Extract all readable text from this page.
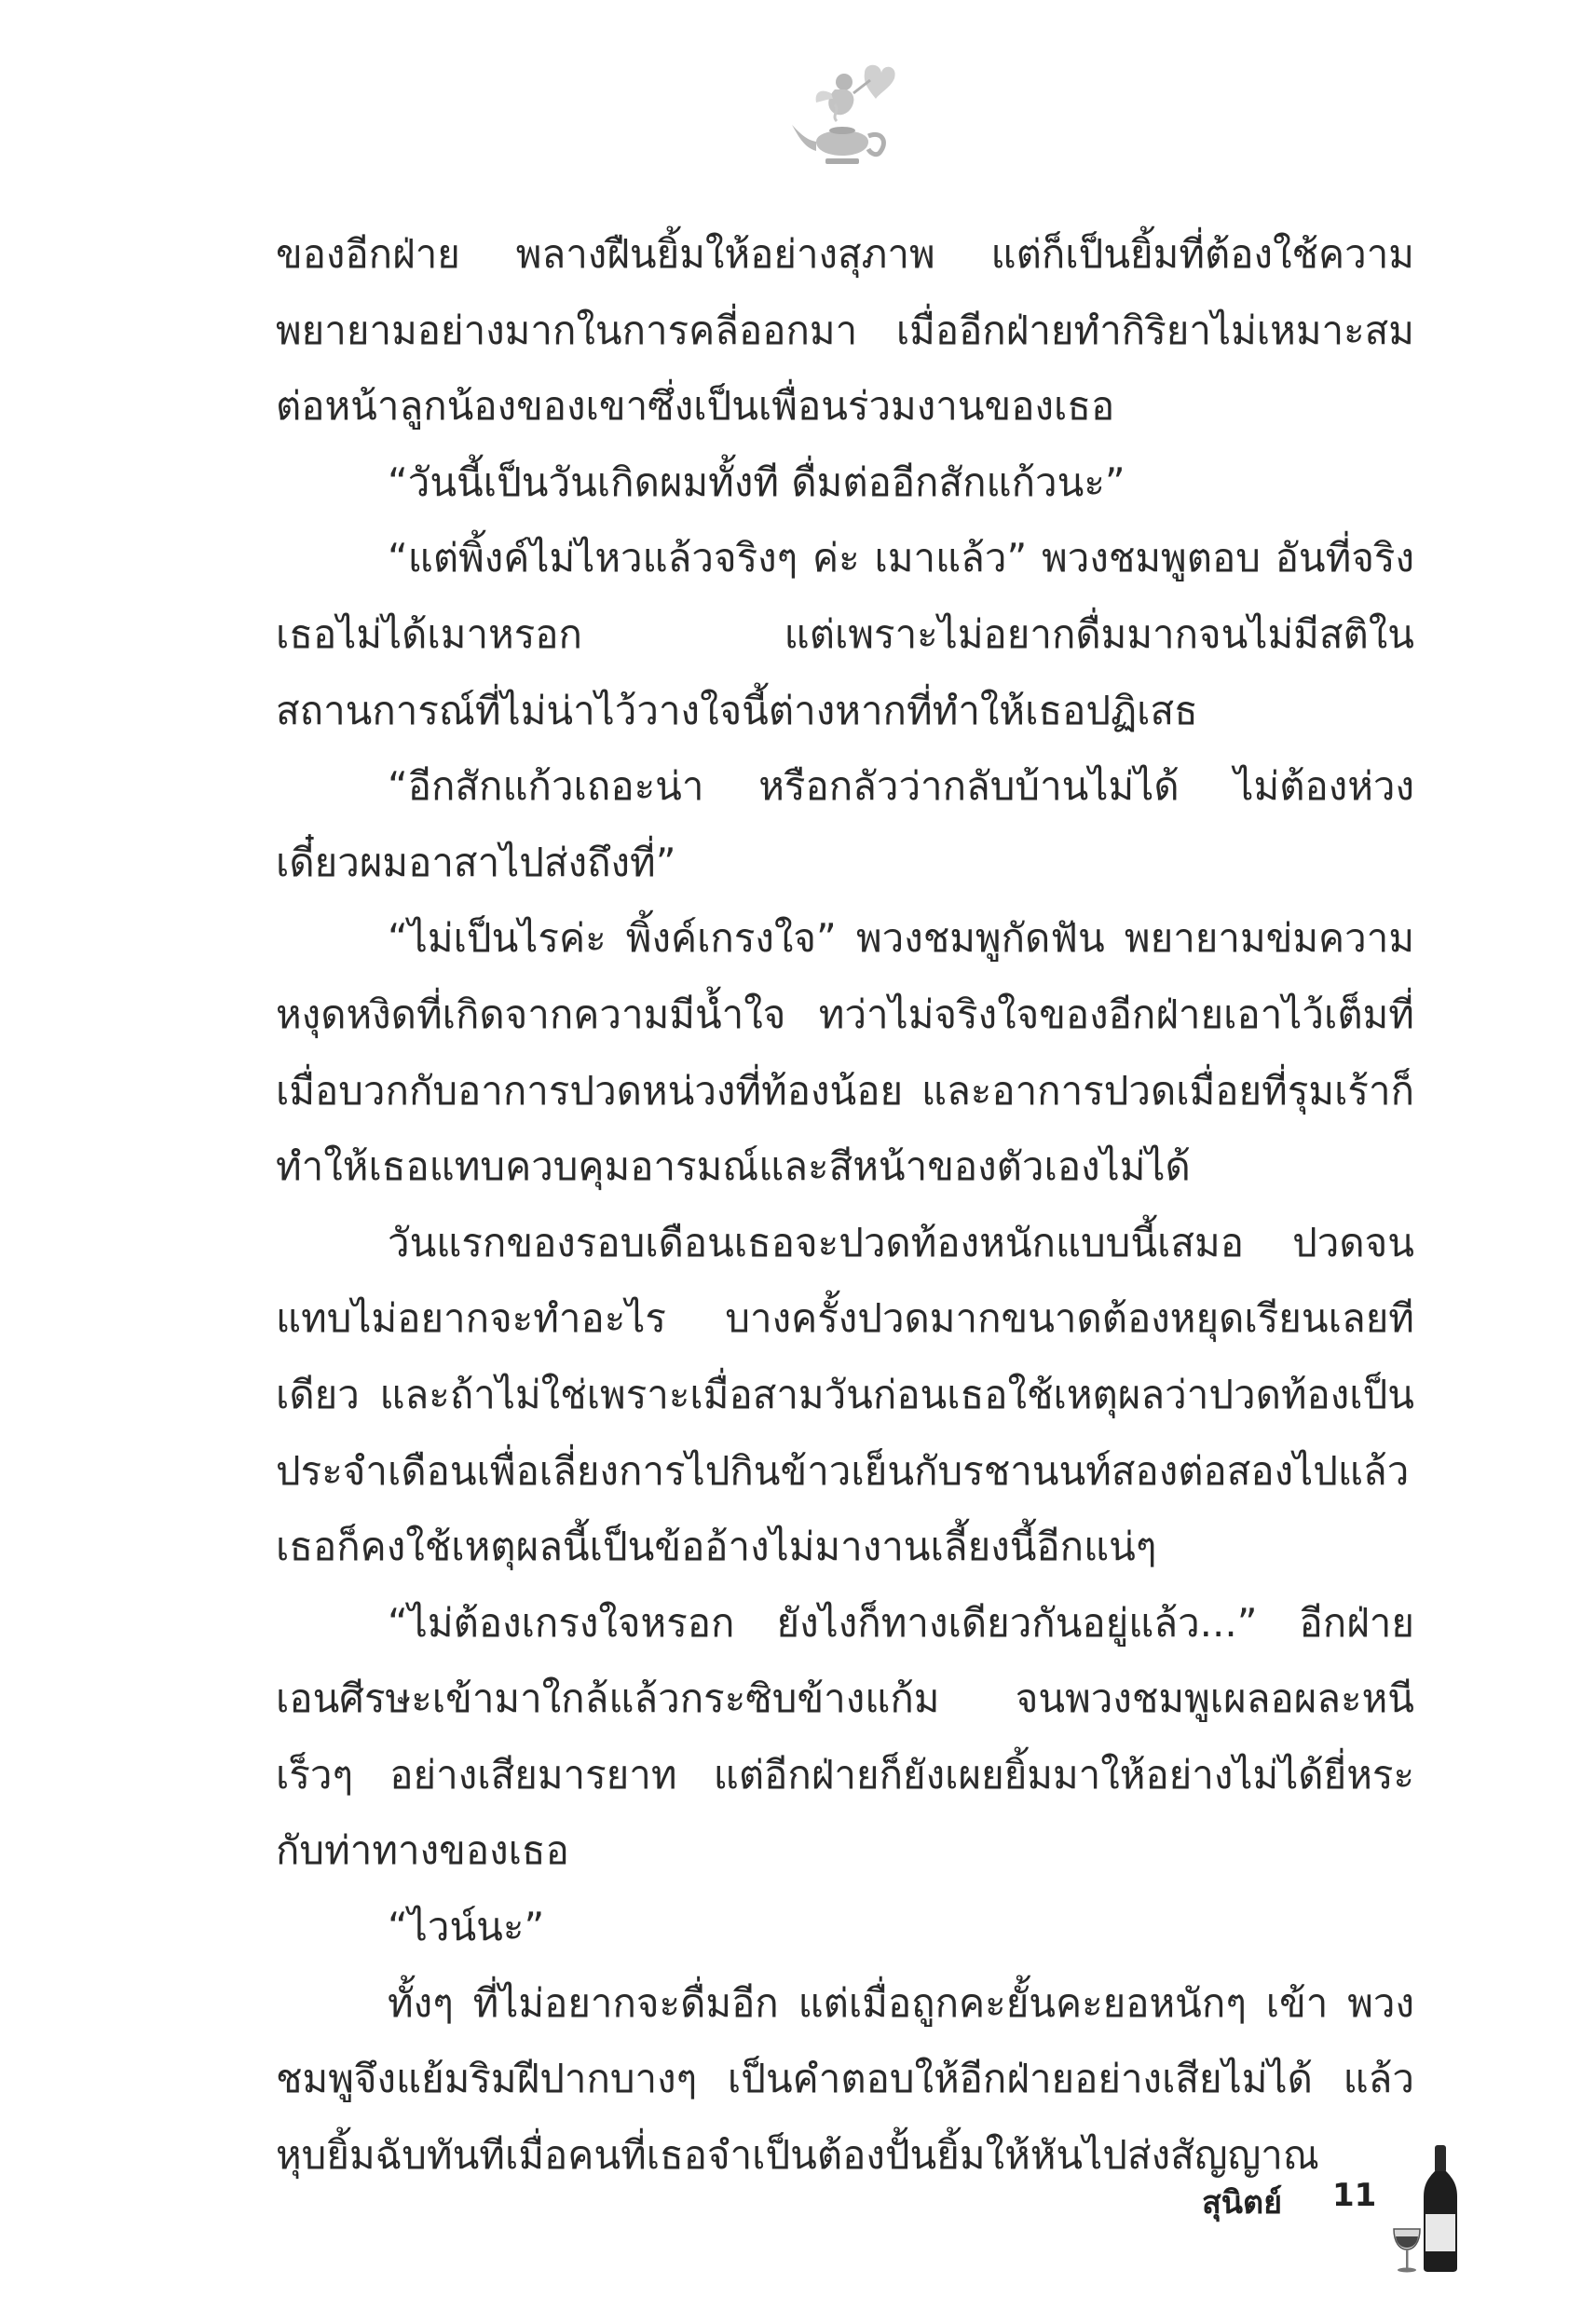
ของอีกฝ่าย พลางฝืนยิ้มให้อย่างสุภาพ แต่ก็เป็นยิ้มที่ต้องใช้ความพยายามอย่างมากในการคลี่ออกมา เมื่ออีกฝ่ายทำกิริยาไม่เหมาะสมต่อหน้าลูกน้องของเขาซึ่งเป็นเพื่อนร่วมงานของเธอ

“วันนี้เป็นวันเกิดผมทั้งที ดื่มต่ออีกสักแก้วนะ”

“แต่พิ้งค์ไม่ไหวแล้วจริงๆ ค่ะ เมาแล้ว” พวงชมพูตอบ อันที่จริงเธอไม่ได้เมาหรอก แต่เพราะไม่อยากดื่มมากจนไม่มีสติในสถานการณ์ที่ไม่น่าไว้วางใจนี้ต่างหากที่ทำให้เธอปฏิเสธ

“อีกสักแก้วเถอะน่า หรือกลัวว่ากลับบ้านไม่ได้ ไม่ต้องห่วง เดี๋ยวผมอาสาไปส่งถึงที่”

“ไม่เป็นไรค่ะ พิ้งค์เกรงใจ” พวงชมพูกัดฟัน พยายามข่มความหงุดหงิดที่เกิดจากความมีน้ำใจ ทว่าไม่จริงใจของอีกฝ่ายเอาไว้เต็มที่ เมื่อบวกกับอาการปวดหน่วงที่ท้องน้อย และอาการปวดเมื่อยที่รุมเร้าก็ทำให้เธอแทบควบคุมอารมณ์และสีหน้าของตัวเองไม่ได้

วันแรกของรอบเดือนเธอจะปวดท้องหนักแบบนี้เสมอ ปวดจนแทบไม่อยากจะทำอะไร บางครั้งปวดมากขนาดต้องหยุดเรียนเลยทีเดียว และถ้าไม่ใช่เพราะเมื่อสามวันก่อนเธอใช้เหตุผลว่าปวดท้องเป็นประจำเดือนเพื่อเลี่ยงการไปกินข้าวเย็นกับรชานนท์สองต่อสองไปแล้ว เธอก็คงใช้เหตุผลนี้เป็นข้ออ้างไม่มางานเลี้ยงนี้อีกแน่ๆ

“ไม่ต้องเกรงใจหรอก ยังไงก็ทางเดียวกันอยู่แล้ว...” อีกฝ่ายเอนศีรษะเข้ามาใกล้แล้วกระซิบข้างแก้ม จนพวงชมพูเผลอผละหนีเร็วๆ อย่างเสียมารยาท แต่อีกฝ่ายก็ยังเผยยิ้มมาให้อย่างไม่ได้ยี่หระกับท่าทางของเธอ

“ไวน์นะ”

ทั้งๆ ที่ไม่อยากจะดื่มอีก แต่เมื่อถูกคะยั้นคะยอหนักๆ เข้า พวงชมพูจึงแย้มริมฝีปากบางๆ เป็นคำตอบให้อีกฝ่ายอย่างเสียไม่ได้ แล้วหุบยิ้มฉับทันทีเมื่อคนที่เธอจำเป็นต้องปั้นยิ้มให้หันไปส่งสัญญาณ

สุนิตย์ 11
